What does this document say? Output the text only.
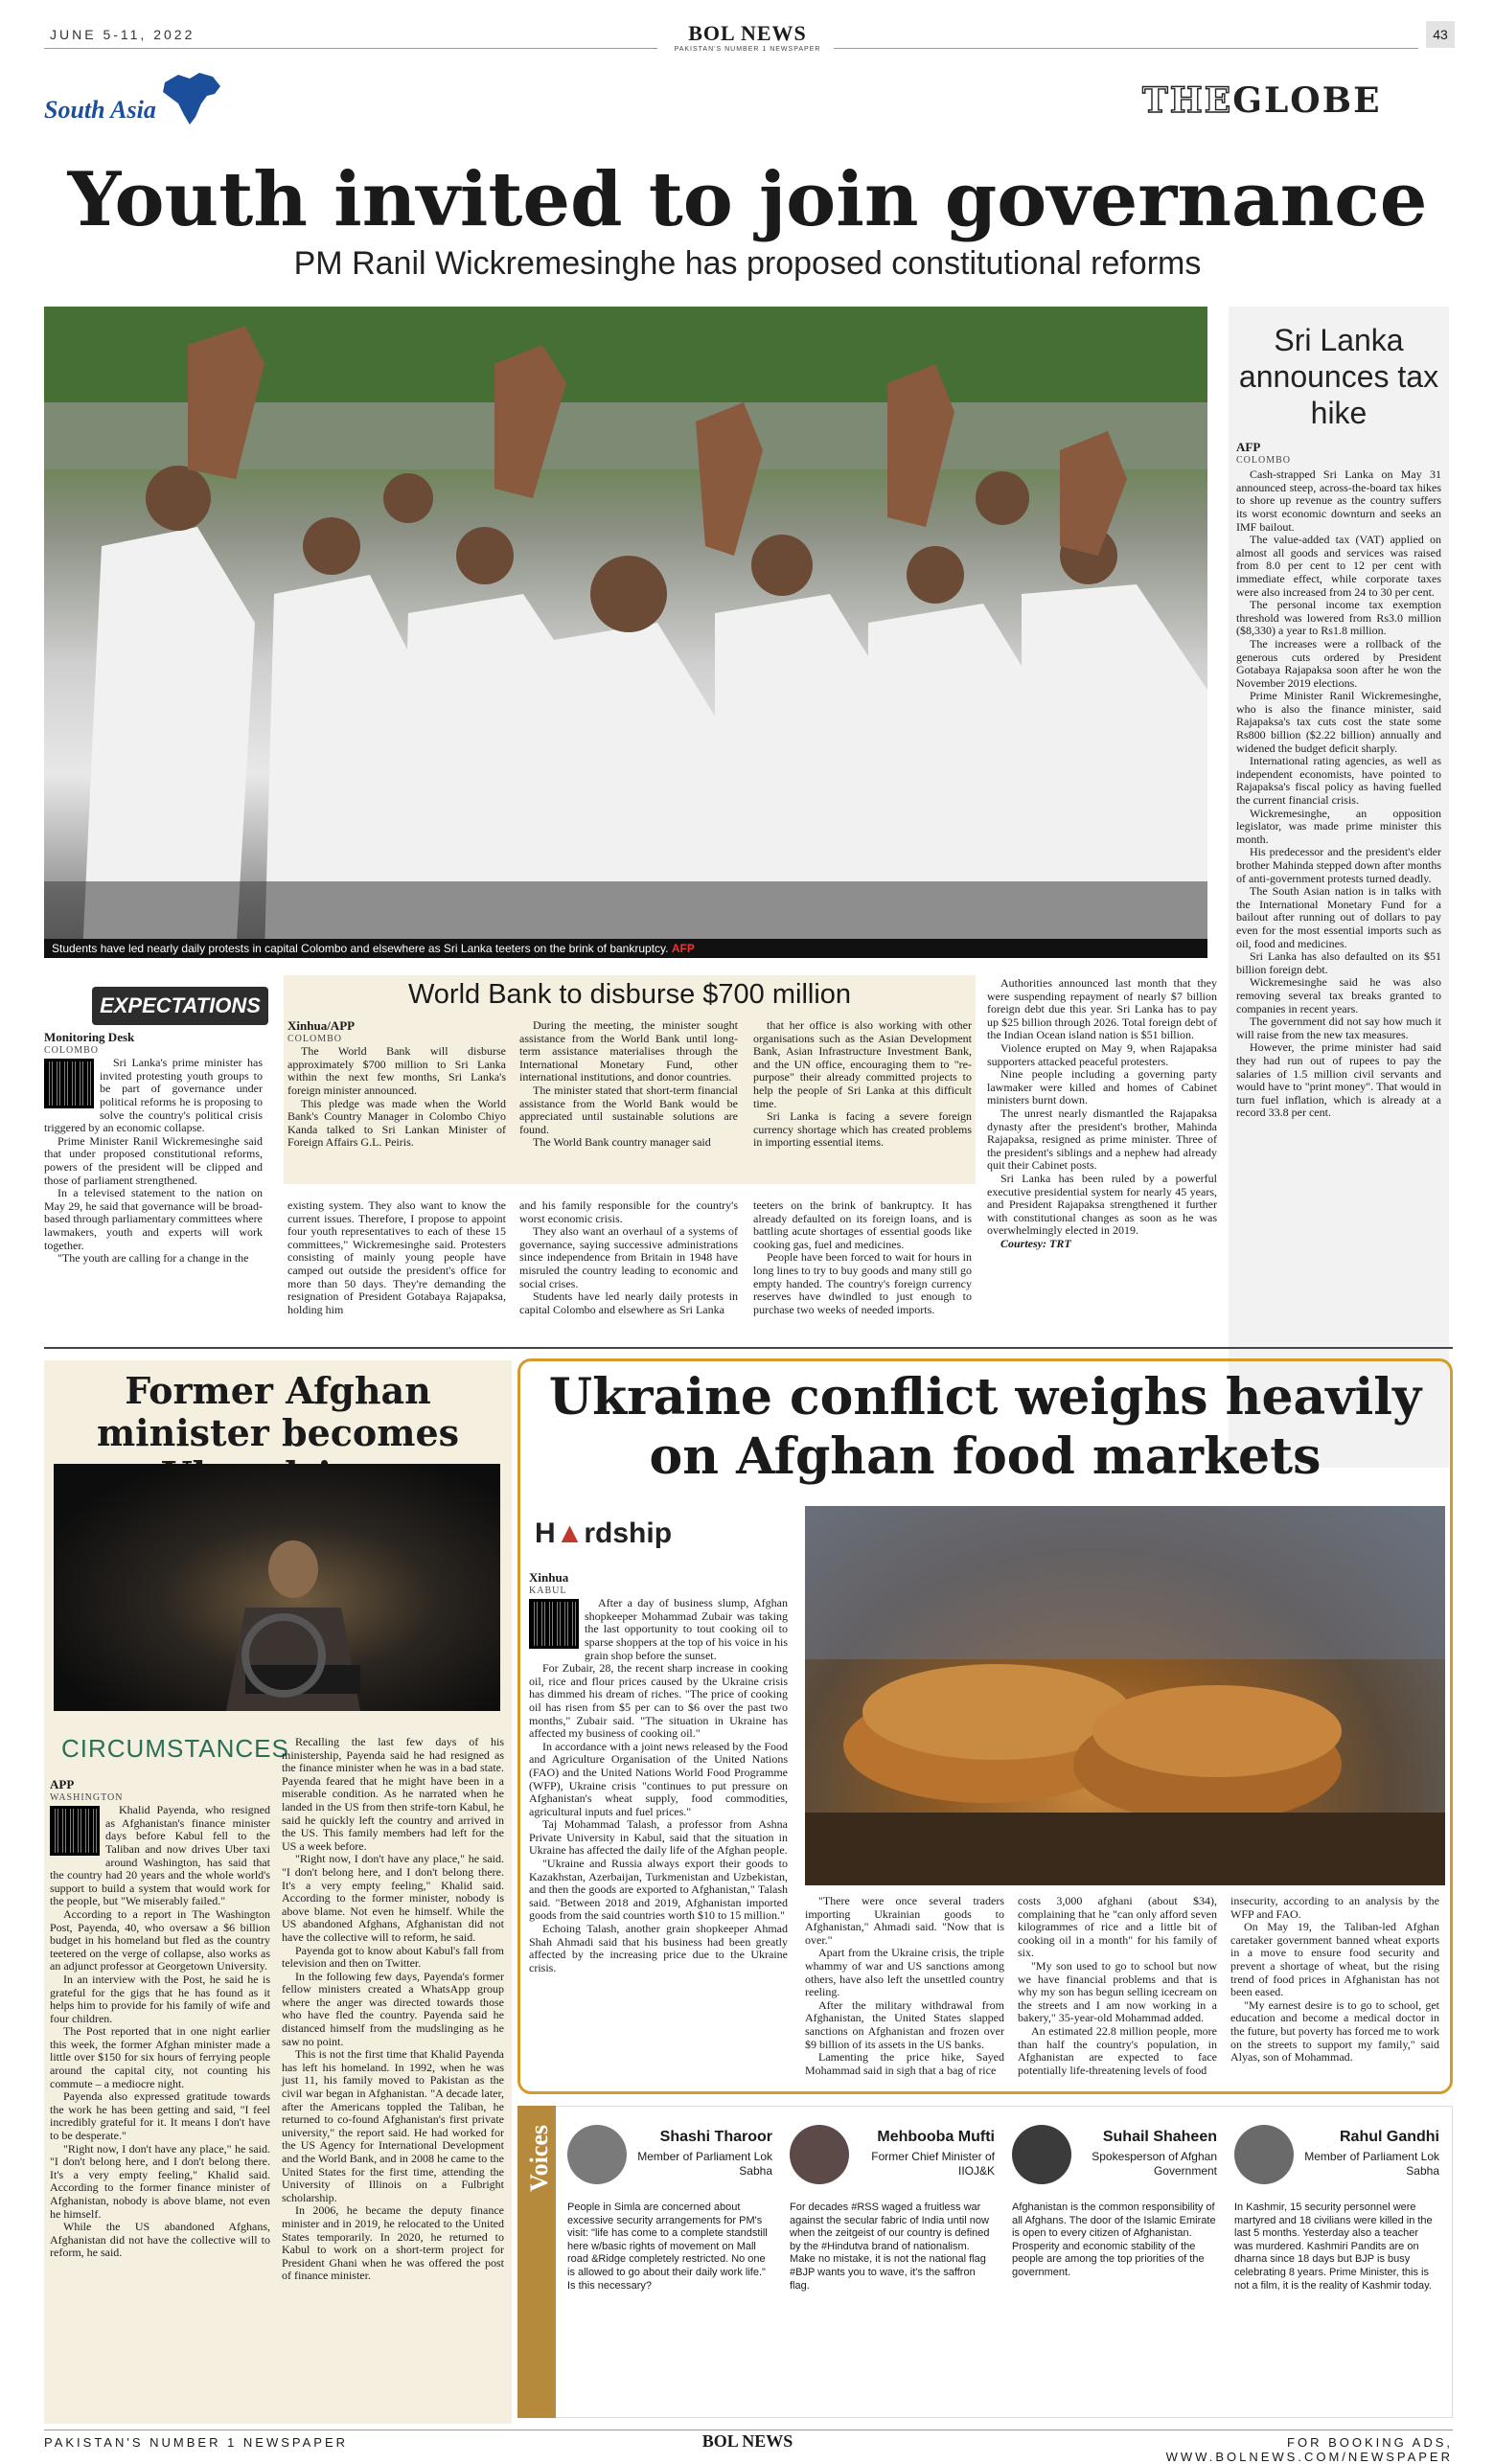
JUNE 5-11, 2022	BOL NEWS
PAKISTAN'S NUMBER 1 NEWSPAPER
43
South Asia	THEGLOBE
Youth invited to join governance
PM Ranil Wickremesinghe has proposed constitutional reforms
Students have led nearly daily protests in capital Colombo and elsewhere as Sri Lanka teeters on the brink of bankruptcy. AFP
Sri Lanka announces tax hike
AFP
COLOMBO

Cash-strapped Sri Lanka on May 31 announced steep, across-the-board tax hikes to shore up revenue as the country suffers its worst economic downturn and seeks an IMF bailout.

The value-added tax (VAT) applied on almost all goods and services was raised from 8.0 per cent to 12 per cent with immediate effect, while corporate taxes were also increased from 24 to 30 per cent.

The personal income tax exemption threshold was lowered from Rs3.0 million ($8,330) a year to Rs1.8 million.

The increases were a rollback of the generous cuts ordered by President Gotabaya Rajapaksa soon after he won the November 2019 elections.

Prime Minister Ranil Wickremesinghe, who is also the finance minister, said Rajapaksa's tax cuts cost the state some Rs800 billion ($2.22 billion) annually and widened the budget deficit sharply.

International rating agencies, as well as independent economists, have pointed to Rajapaksa's fiscal policy as having fuelled the current financial crisis.

Wickremesinghe, an opposition legislator, was made prime minister this month.

His predecessor and the president's elder brother Mahinda stepped down after months of anti-government protests turned deadly.

The South Asian nation is in talks with the International Monetary Fund for a bailout after running out of dollars to pay even for the most essential imports such as oil, food and medicines.

Sri Lanka has also defaulted on its $51 billion foreign debt.

Wickremesinghe said he was also removing several tax breaks granted to companies in recent years.

The government did not say how much it will raise from the new tax measures.

However, the prime minister had said they had run out of rupees to pay the salaries of 1.5 million civil servants and would have to "print money". That would in turn fuel inflation, which is already at a record 33.8 per cent.

EXPECTATIONS	World Bank to disburse $700 million
Monitoring Desk
COLOMBO

Sri Lanka's prime minister has invited protesting youth groups to be part of governance under political reforms he is proposing to solve the country's political crisis triggered by an economic collapse.

Prime Minister Ranil Wickremesinghe said that under proposed constitutional reforms, powers of the president will be clipped and those of parliament strengthened.

In a televised statement to the nation on May 29, he said that governance will be broad-based through parliamentary committees where lawmakers, youth and experts will work together.

"The youth are calling for a change in the

Xinhua/APP
COLOMBO

The World Bank will disburse approximately $700 million to Sri Lanka within the next few months, Sri Lanka's foreign minister announced.

This pledge was made when the World Bank's Country Manager in Colombo Chiyo Kanda talked to Sri Lankan Minister of Foreign Affairs G.L. Peiris.

During the meeting, the minister sought assistance from the World Bank until long-term assistance materialises through the International Monetary Fund, other international institutions, and donor countries.

The minister stated that short-term financial assistance from the World Bank would be appreciated until sustainable solutions are found.

The World Bank country manager said

that her office is also working with other organisations such as the Asian Development Bank, Asian Infrastructure Investment Bank, and the UN office, encouraging them to "re-purpose" their already committed projects to help the people of Sri Lanka at this difficult time.

Sri Lanka is facing a severe foreign currency shortage which has created problems in importing essential items.

existing system. They also want to know the current issues. Therefore, I propose to appoint four youth representatives to each of these 15 committees," Wickremesinghe said. Protesters consisting of mainly young people have camped out outside the president's office for more than 50 days. They're demanding the resignation of President Gotabaya Rajapaksa, holding him

and his family responsible for the country's worst economic crisis.

They also want an overhaul of a systems of governance, saying successive administrations since independence from Britain in 1948 have misruled the country leading to economic and social crises.

Students have led nearly daily protests in capital Colombo and elsewhere as Sri Lanka

teeters on the brink of bankruptcy. It has already defaulted on its foreign loans, and is battling acute shortages of essential goods like cooking gas, fuel and medicines.

People have been forced to wait for hours in long lines to try to buy goods and many still go empty handed. The country's foreign currency reserves have dwindled to just enough to purchase two weeks of needed imports.

Authorities announced last month that they were suspending repayment of nearly $7 billion foreign debt due this year. Sri Lanka has to pay up $25 billion through 2026. Total foreign debt of the Indian Ocean island nation is $51 billion.

Violence erupted on May 9, when Rajapaksa supporters attacked peaceful protesters.

Nine people including a governing party lawmaker were killed and homes of Cabinet ministers burnt down.

The unrest nearly dismantled the Rajapaksa dynasty after the president's brother, Mahinda Rajapaksa, resigned as prime minister. Three of the president's siblings and a nephew had already quit their Cabinet posts.

Sri Lanka has been ruled by a powerful executive presidential system for nearly 45 years, and President Rajapaksa strengthened it further with constitutional changes as soon as he was overwhelmingly elected in 2019.

Courtesy: TRT

Former Afghan minister becomes
CIRCUMSTANCES
APP
WASHINGTON

Khalid Payenda, who resigned as Afghanistan's finance minister days before Kabul fell to the Taliban and now drives Uber taxi around Washington, has said that the country had 20 years and the whole world's support to build a system that would work for the people, but "We miserably failed."

According to a report in The Washington Post, Payenda, 40, who oversaw a $6 billion budget in his homeland but fled as the country teetered on the verge of collapse, also works as an adjunct professor at Georgetown University.

In an interview with the Post, he said he is grateful for the gigs that he has found as it helps him to provide for his family of wife and four children.

The Post reported that in one night earlier this week, the former Afghan minister made a little over $150 for six hours of ferrying people around the capital city, not counting his commute – a mediocre night.

Payenda also expressed gratitude towards the work he has been getting and said, "I feel incredibly grateful for it. It means I don't have to be desperate."

"Right now, I don't have any place," he said. "I don't belong here, and I don't belong there. It's a very empty feeling," Khalid said. According to the former finance minister of Afghanistan, nobody is above blame, not even he himself.

While the US abandoned Afghans, Afghanistan did not have the collective will to reform, he said.

Recalling the last few days of his ministership, Payenda said he had resigned as the finance minister when he was in a bad state. Payenda feared that he might have been in a miserable condition. As he narrated when he landed in the US from then strife-torn Kabul, he said he quickly left the country and arrived in the US. This family members had left for the US a week before.

"Right now, I don't have any place," he said. "I don't belong here, and I don't belong there. It's a very empty feeling," Khalid said. According to the former minister, nobody is above blame. Not even he himself. While the US abandoned Afghans, Afghanistan did not have the collective will to reform, he said.

Payenda got to know about Kabul's fall from television and then on Twitter.

In the following few days, Payenda's former fellow ministers created a WhatsApp group where the anger was directed towards those who have fled the country. Payenda said he distanced himself from the mudslinging as he saw no point.

This is not the first time that Khalid Payenda has left his homeland. In 1992, when he was just 11, his family moved to Pakistan as the civil war began in Afghanistan. "A decade later, after the Americans toppled the Taliban, he returned to co-found Afghanistan's first private university," the report said. He had worked for the US Agency for International Development and the World Bank, and in 2008 he came to the United States for the first time, attending the University of Illinois on a Fulbright scholarship.

In 2006, he became the deputy finance minister and in 2019, he relocated to the United States temporarily. In 2020, he returned to Kabul to work on a short-term project for President Ghani when he was offered the post of finance minister.

Ukraine conflict weighs heavily on Afghan food markets
H▲rdship
Xinhua
KABUL

After a day of business slump, Afghan shopkeeper Mohammad Zubair was taking the last opportunity to tout cooking oil to sparse shoppers at the top of his voice in his grain shop before the sunset.

For Zubair, 28, the recent sharp increase in cooking oil, rice and flour prices caused by the Ukraine crisis has dimmed his dream of riches. "The price of cooking oil has risen from $5 per can to $6 over the past two months," Zubair said. "The situation in Ukraine has affected my business of cooking oil."

In accordance with a joint news released by the Food and Agriculture Organisation of the United Nations (FAO) and the United Nations World Food Programme (WFP), Ukraine crisis "continues to put pressure on Afghanistan's wheat supply, food commodities, agricultural inputs and fuel prices."

Taj Mohammad Talash, a professor from Ashna Private University in Kabul, said that the situation in Ukraine has affected the daily life of the Afghan people.

"Ukraine and Russia always export their goods to Kazakhstan, Azerbaijan, Turkmenistan and Uzbekistan, and then the goods are exported to Afghanistan," Talash said. "Between 2018 and 2019, Afghanistan imported goods from the said countries worth $10 to 15 million."

Echoing Talash, another grain shopkeeper Ahmad Shah Ahmadi said that his business had been greatly affected by the increasing price due to the Ukraine crisis.

"There were once several traders importing Ukrainian goods to Afghanistan," Ahmadi said. "Now that is over."

Apart from the Ukraine crisis, the triple whammy of war and US sanctions among others, have also left the unsettled country reeling.

After the military withdrawal from Afghanistan, the United States slapped sanctions on Afghanistan and frozen over $9 billion of its assets in the US banks.

Lamenting the price hike, Sayed Mohammad said in sigh that a bag of rice

costs 3,000 afghani (about $34), complaining that he "can only afford seven kilogrammes of rice and a little bit of cooking oil in a month" for his family of six.

"My son used to go to school but now we have financial problems and that is why my son has begun selling icecream on the streets and I am now working in a bakery," 35-year-old Mohammad added.

An estimated 22.8 million people, more than half the country's population, in Afghanistan are expected to face potentially life-threatening levels of food

insecurity, according to an analysis by the WFP and FAO.

On May 19, the Taliban-led Afghan caretaker government banned wheat exports in a move to ensure food security and prevent a shortage of wheat, but the rising trend of food prices in Afghanistan has not been eased.

"My earnest desire is to go to school, get education and become a medical doctor in the future, but poverty has forced me to work on the streets to support my family," said Alyas, son of Mohammad.

Voices	Shashi Tharoor
Member of Parliament Lok Sabha
People in Simla are concerned about excessive security arrangements for PM's visit: "life has come to a complete standstill here w/basic rights of movement on Mall road &Ridge completely restricted. No one is allowed to go about their daily work life." Is this necessary?
Mehbooba Mufti
Former Chief Minister of IIOJ&K
For decades #RSS waged a fruitless war against the secular fabric of India until now when the zeitgeist of our country is defined by the #Hindutva brand of nationalism. Make no mistake, it is not the national flag #BJP wants you to wave, it's the saffron flag.
Suhail Shaheen
Spokesperson of Afghan Government
Afghanistan is the common responsibility of all Afghans. The door of the Islamic Emirate is open to every citizen of Afghanistan. Prosperity and economic stability of the people are among the top priorities of the government.
Rahul Gandhi
Member of Parliament Lok Sabha
In Kashmir, 15 security personnel were martyred and 18 civilians were killed in the last 5 months. Yesterday also a teacher was murdered. Kashmiri Pandits are on dharna since 18 days but BJP is busy celebrating 8 years. Prime Minister, this is not a film, it is the reality of Kashmir today.
PAKISTAN'S NUMBER 1 NEWSPAPER	BOL NEWS	FOR BOOKING ADS, WWW.BOLNEWS.COM/NEWSPAPER
